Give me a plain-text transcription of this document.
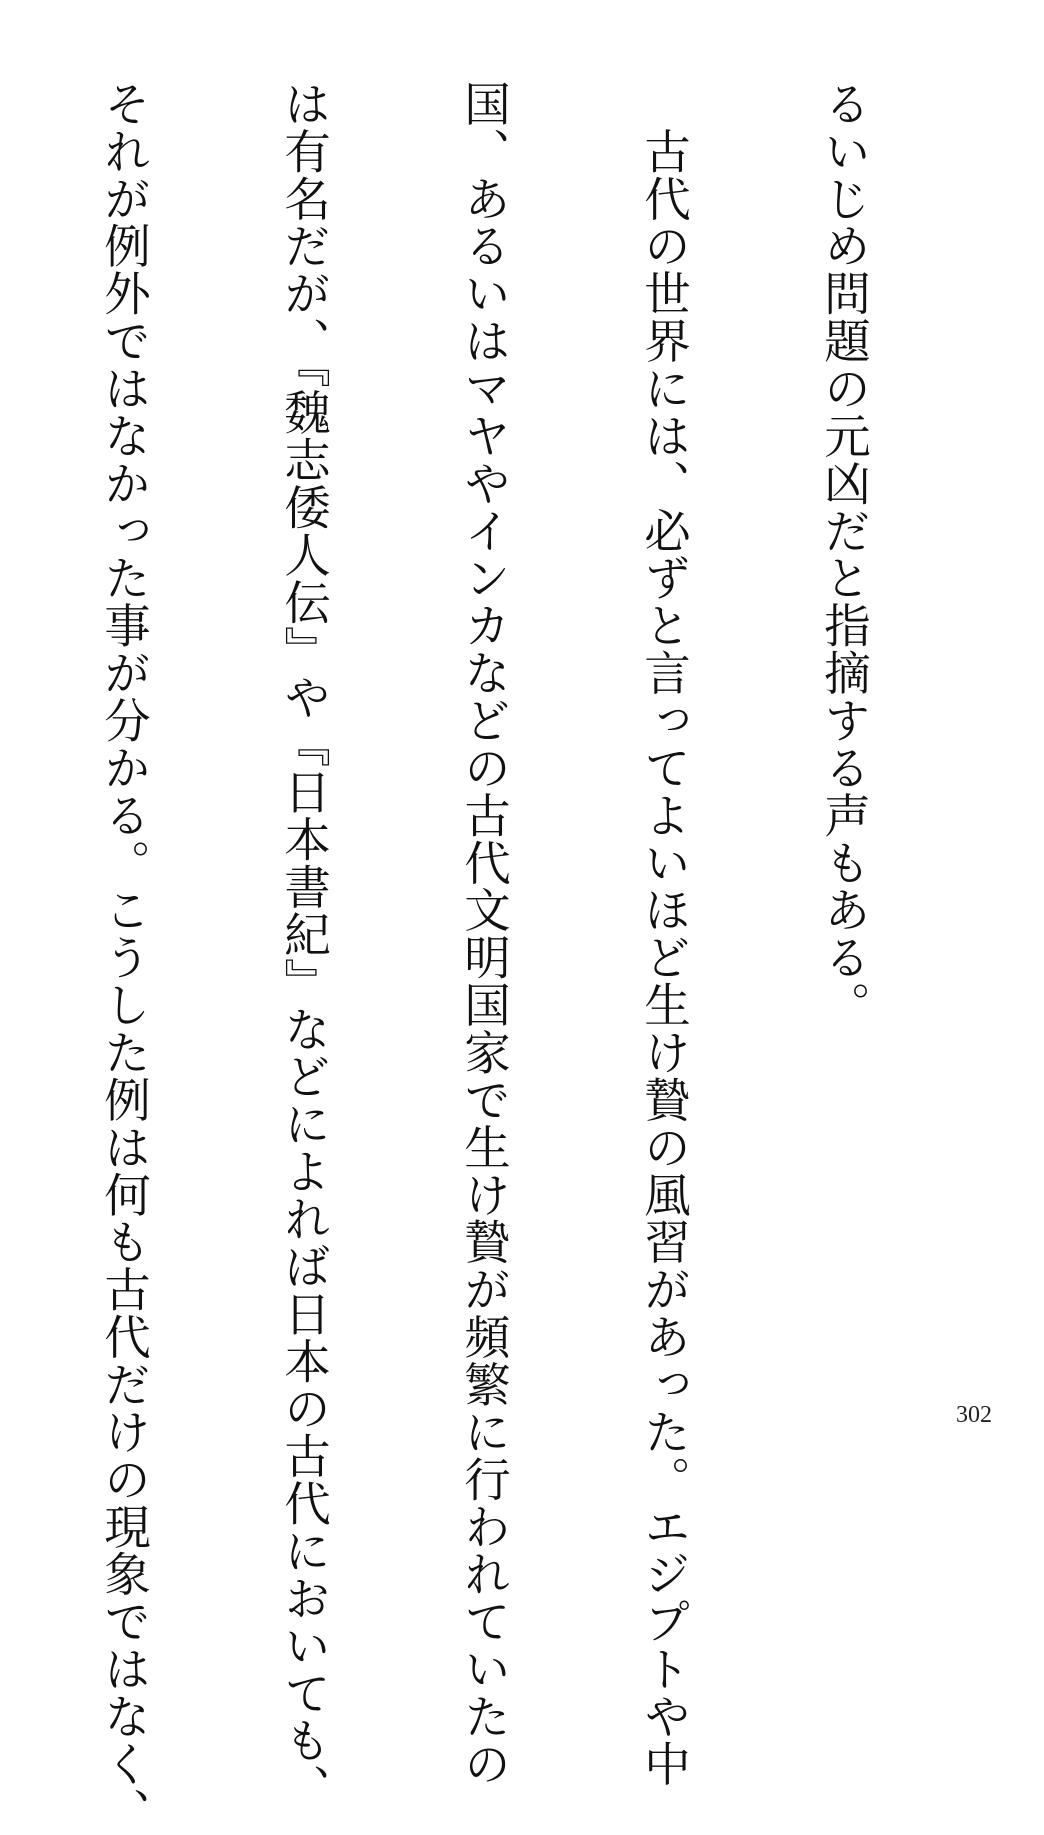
るいじめ問題の元凶だと指摘する声もある。

　古代の世界には、必ずと言ってよいほど生け贄の風習があった。エジプトや中

国、あるいはマヤやインカなどの古代文明国家で生け贄が頻繁に行われていたの

は有名だが、『魏志倭人伝』や『日本書紀』などによれば日本の古代においても、

それが例外ではなかった事が分かる。こうした例は何も古代だけの現象ではなく、

	302
